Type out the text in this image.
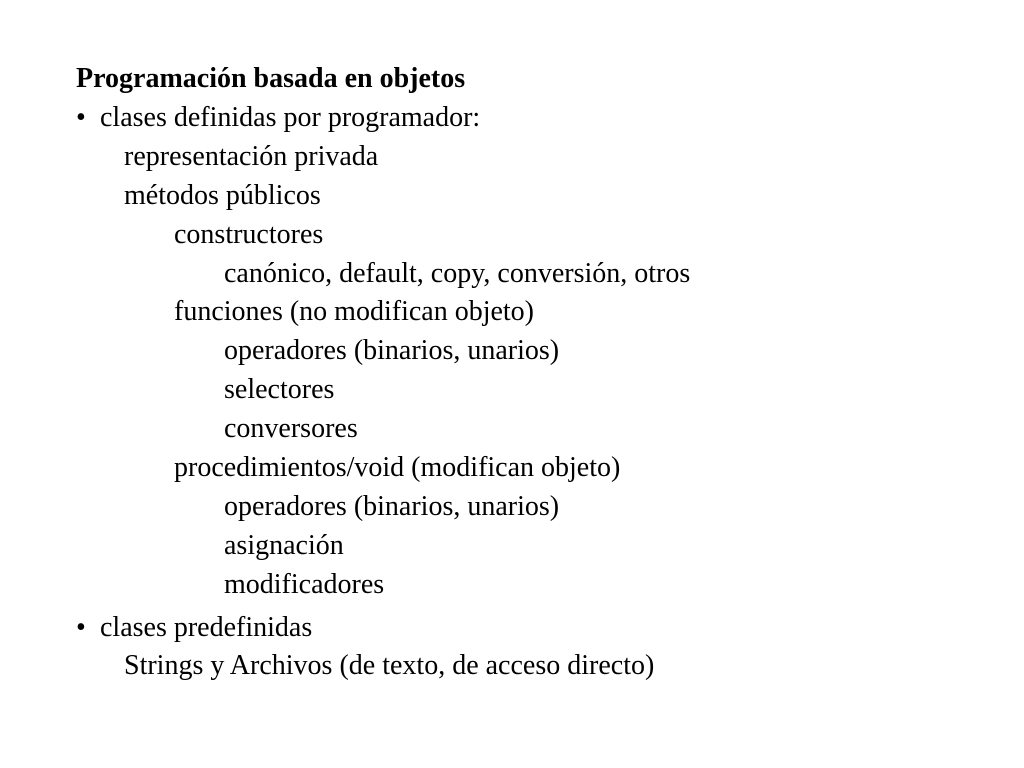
Programación basada en objetos
• clases definidas por programador:
representación privada
métodos públicos
constructores
canónico, default, copy, conversión, otros
funciones (no modifican objeto)
operadores (binarios, unarios)
selectores
conversores
procedimientos/void (modifican objeto)
operadores (binarios, unarios)
asignación
modificadores
• clases predefinidas
Strings y Archivos (de texto, de acceso directo)
